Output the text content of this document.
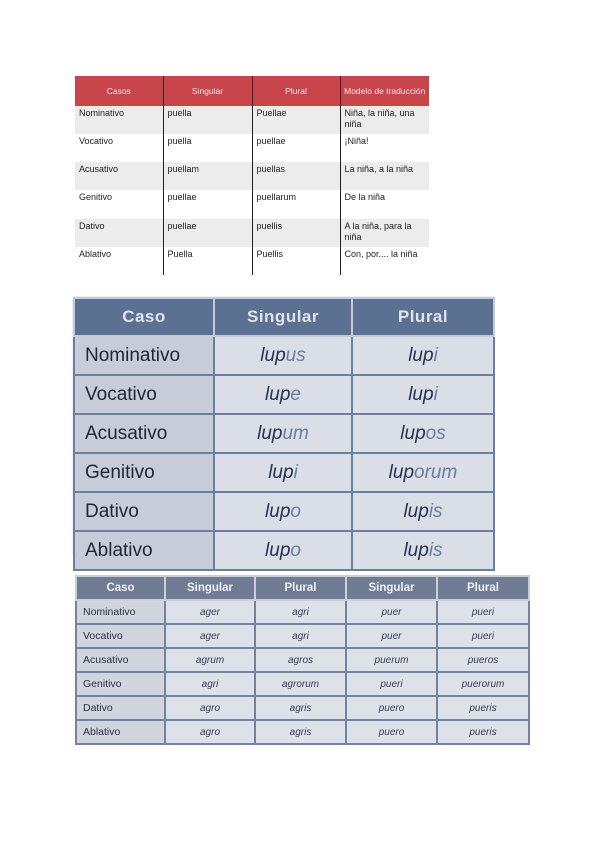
Casos	Singular	Plural	Modelo de traducción
Nominativo	puella	Puellae	Niña, la niña, una niña
Vocativo	puella	puellae	¡Niña!
Acusativo	puellam	puellas	La niña, a la niña
Genitivo	puellae	puellarum	De la niña
Dativo	puellae	puellis	A la niña, para la niña
Ablativo	Puella	Puellis	Con, por.... la niña
Caso	Singular	Plural
Nominativo	lupus	lupi
Vocativo	lupe	lupi
Acusativo	lupum	lupos
Genitivo	lupi	luporum
Dativo	lupo	lupis
Ablativo	lupo	lupis
Caso	Singular	Plural	Singular	Plural
Nominativo	ager	agri	puer	pueri
Vocativo	ager	agri	puer	pueri
Acusativo	agrum	agros	puerum	pueros
Genitivo	agri	agrorum	pueri	puerorum
Dativo	agro	agris	puero	pueris
Ablativo	agro	agris	puero	pueris
